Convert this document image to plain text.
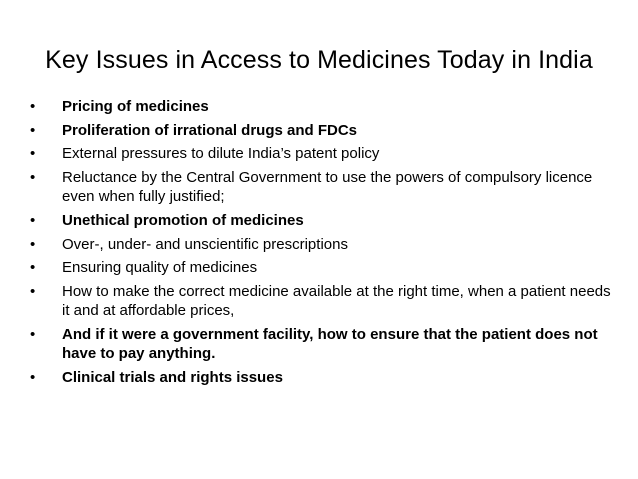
Key Issues in Access to Medicines Today in India
• Pricing of medicines
• Proliferation of irrational drugs and FDCs
• External pressures to dilute India’s patent policy
• Reluctance by the Central Government to use the powers of compulsory licence even when fully justified;
• Unethical promotion of medicines
• Over-, under- and unscientific prescriptions
• Ensuring quality of medicines
• How to make the correct medicine available at the right time, when a patient needs it and at affordable prices,
• And if it were a government facility, how to ensure that the patient does not have to pay anything.
• Clinical trials and rights issues
